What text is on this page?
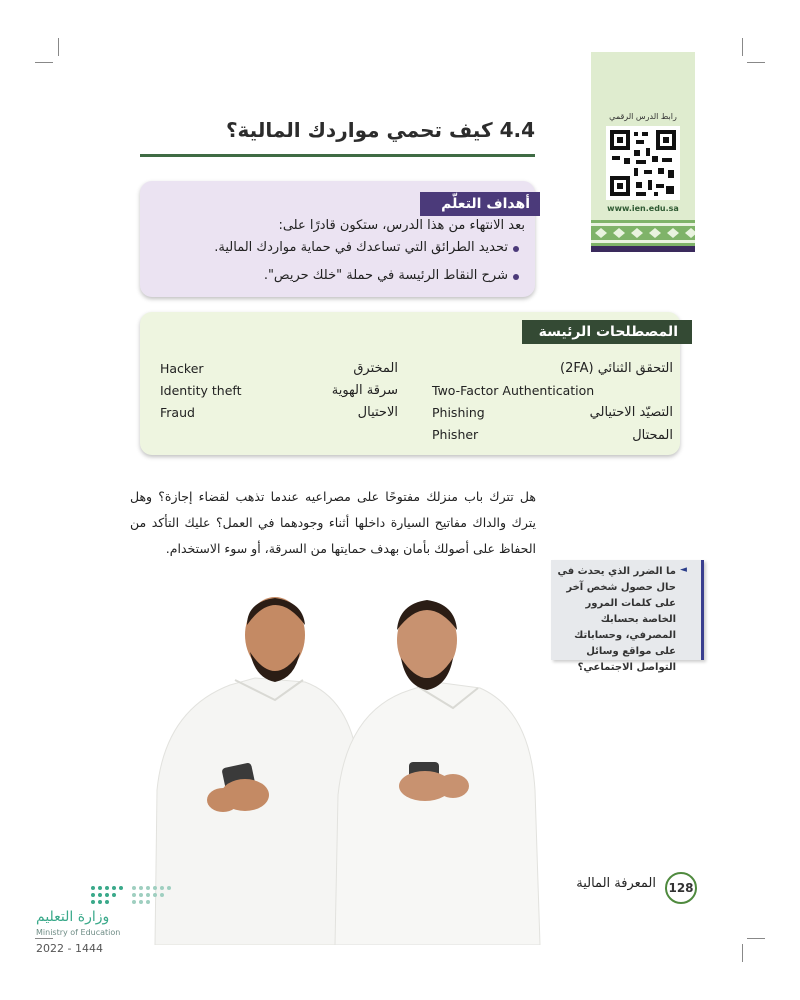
رابط الدرس الرقمي
www.ien.edu.sa
4.4 كيف تحمي مواردك المالية؟
أهداف التعلّم
بعد الانتهاء من هذا الدرس، ستكون قادرًا على:
تحديد الطرائق التي تساعدك في حماية مواردك المالية.
شرح النقاط الرئيسة في حملة "خلك حريص".
المصطلحات الرئيسة
التحقق الثنائي (2FA)
المخترق
Hacker
Two-Factor Authentication
سرقة الهوية
Identity theft
التصيّد الاحتيالي
Phishing
الاحتيال
Fraud
المحتال
Phisher
هل تترك باب منزلك مفتوحًا على مصراعيه عندما تذهب لقضاء إجازة؟ وهل يترك والداك مفاتيح السيارة داخلها أثناء وجودهما في العمل؟ عليك التأكد من الحفاظ على أصولك بأمان بهدف حمايتها من السرقة، أو سوء الاستخدام.
◄
ما الضرر الذي يحدث في حال حصول شخص آخر على كلمات المرور الخاصة بحسابك المصرفي، وحساباتك على مواقع وسائل التواصل الاجتماعي؟
128
المعرفة المالية
وزارة التعليم
Ministry of Education
2022 - 1444
